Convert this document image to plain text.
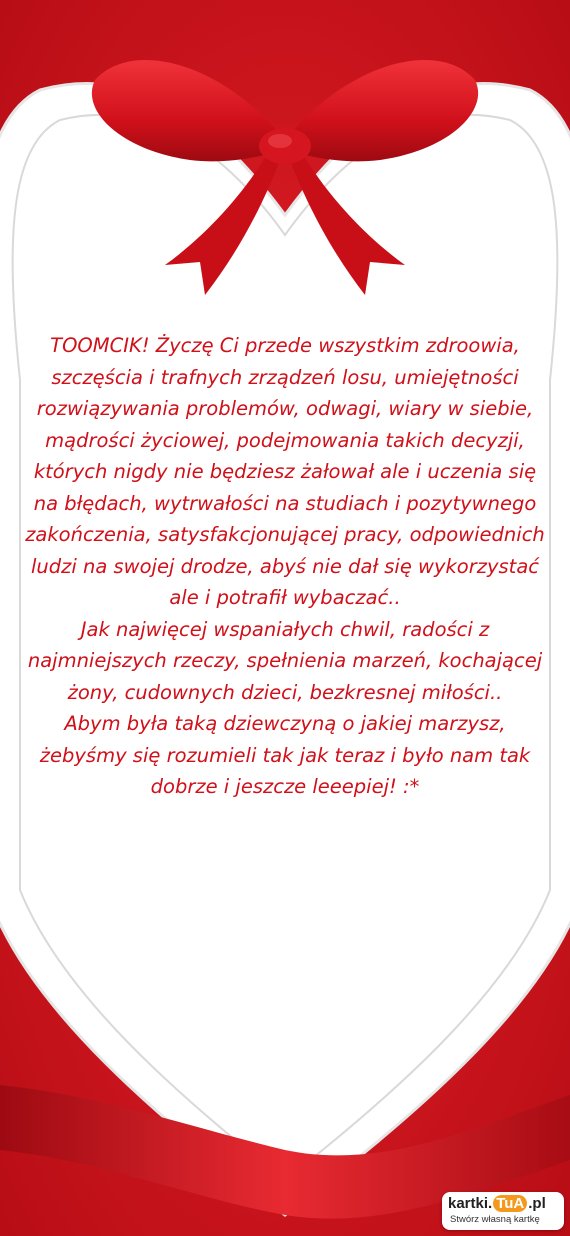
TOOMCIK! Życzę Ci przede wszystkim zdroowia, szczęścia i trafnych zrządzeń losu, umiejętności rozwiązywania problemów, odwagi, wiary w siebie, mądrości życiowej, podejmowania takich decyzji, których nigdy nie będziesz żałował ale i uczenia się na błędach, wytrwałości na studiach i pozytywnego zakończenia, satysfakcjonującej pracy, odpowiednich ludzi na swojej drodze, abyś nie dał się wykorzystać ale i potrafił wybaczać..

Jak najwięcej wspaniałych chwil, radości z najmniejszych rzeczy, spełnienia marzeń, kochającej żony, cudownych dzieci, bezkresnej miłości..

Abym była taką dziewczyną o jakiej marzysz, żebyśmy się rozumieli tak jak teraz i było nam tak dobrze i jeszcze leeepiej! :*

kartki. TuA .pl
Stwórz własną kartkę
